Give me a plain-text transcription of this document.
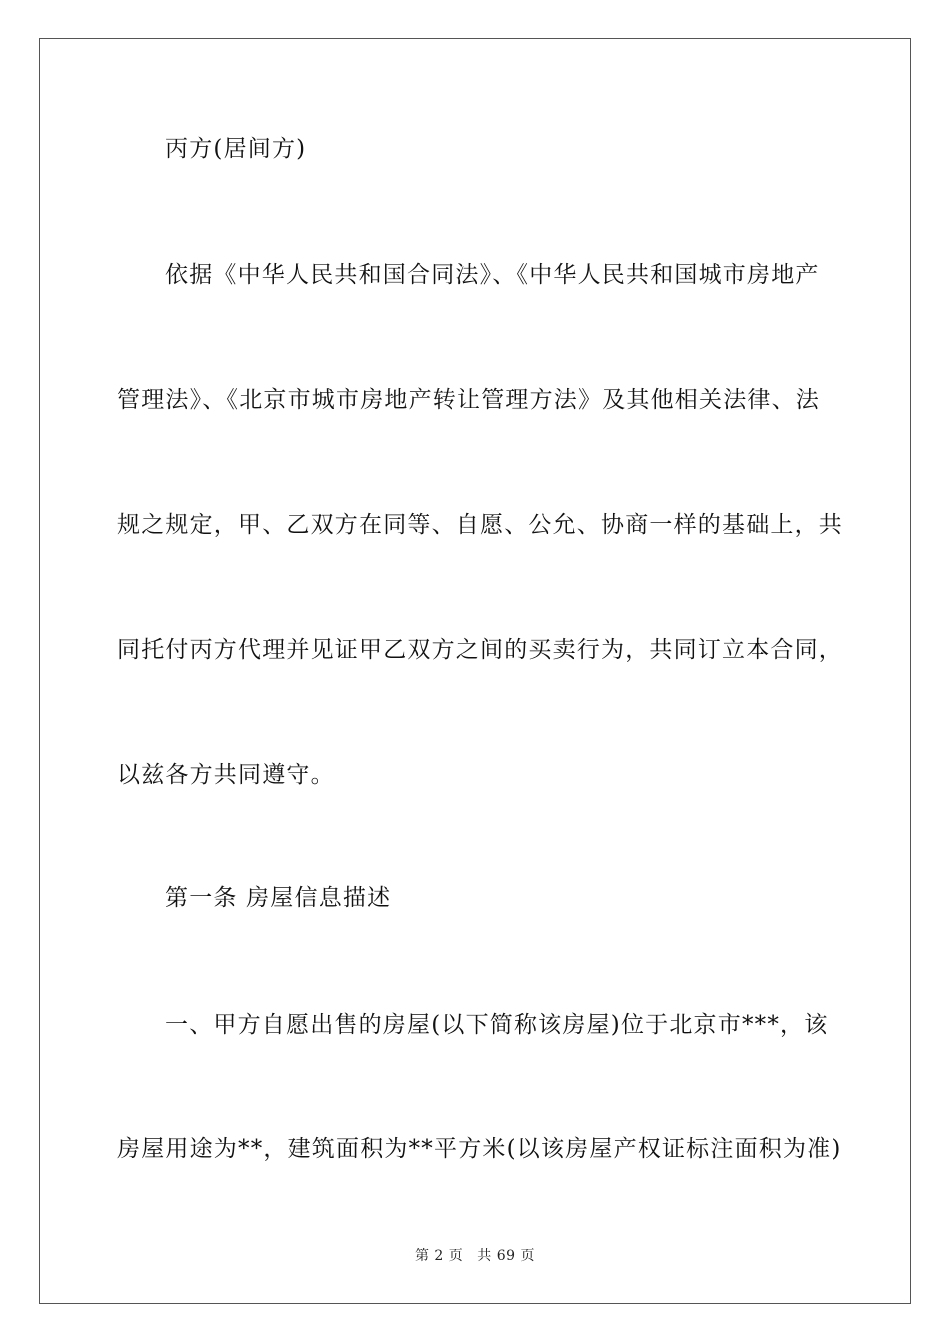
丙方(居间方)
依据《中华人民共和国合同法》、《中华人民共和国城市房地产
管理法》、《北京市城市房地产转让管理方法》及其他相关法律、法
规之规定，甲、乙双方在同等、自愿、公允、协商一样的基础上，共
同托付丙方代理并见证甲乙双方之间的买卖行为，共同订立本合同，
以兹各方共同遵守。
第一条 房屋信息描述
一、甲方自愿出售的房屋(以下简称该房屋)位于北京市***，该
房屋用途为**，建筑面积为**平方米(以该房屋产权证标注面积为准)
第 2 页 共 69 页
